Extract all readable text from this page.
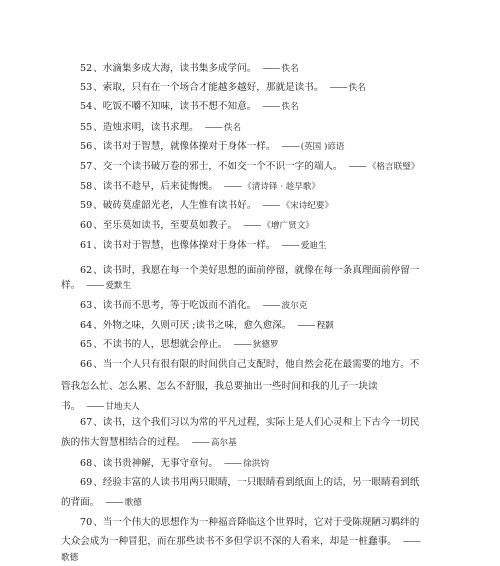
52、水滴集多成大海，读书集多成学问。 —— 佚名
53、索取，只有在一个场合才能越多越好，那就是读书。 —— 佚名
54、吃饭不嚼不知味，读书不想不知意。 —— 佚名
55、造烛求明，读书求理。 —— 佚名
56、读书对于智慧，就像体操对于身体一样。 —— (英国 )谚语
57、交一个读书破万卷的邪士，不如交一个不识一字的端人。 —— 《格言联璧》
58、读书不趁早，后来徒悔懊。 —— 《清诗铎 · 趁早歌》
59、破砖莫虚韶光老，人生惟有读书好。 —— 《宋诗纪要》
60、至乐莫如读书，至要莫如教子。 —— 《增广贤文》
61、读书对于智慧，也像体操对于身体一样。 —— 爱迪生
62、读书时，我愿在每一个美好思想的面前停留，就像在每一条真理面前停留一
样。 —— 爱默生
63、读书而不思考，等于吃饭而不消化。 —— 波尔克
64、外物之味，久则可厌 ;读书之味，愈久愈深。 —— 程颢
65、不读书的人，思想就会停止。 —— 狄德罗
66、当一个人只有很有限的时间供自己支配时，他自然会花在最需要的地方。不
管我怎么忙、怎么累、怎么不舒服，我总要抽出一些时间和我的儿子一块读
书。 —— 甘地夫人
67、读书，这个我们习以为常的平凡过程，实际上是人们心灵和上下古今一切民
族的伟大智慧相结合的过程。 —— 高尔基
68、读书贵神解，无事守章句。 —— 徐洪钧
69、经验丰富的人读书用两只眼睛，一只眼睛看到纸面上的话，另一眼睛看到纸
的背面。 —— 歌德
70、当一个伟大的思想作为一种福音降临这个世界时，它对于受陈规陋习羁绊的
大众会成为一种冒犯，而在那些读书不多但学识不深的人看来，却是一桩蠢事。 ——
歌德
